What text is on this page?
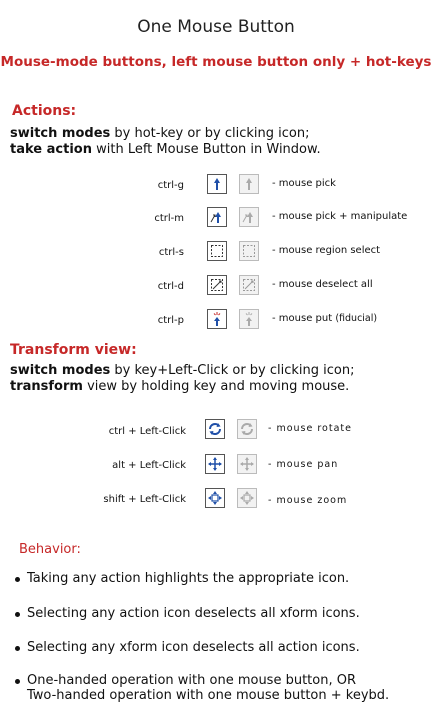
One Mouse Button
Mouse-mode buttons, left mouse button only + hot-keys
Actions:
switch modes by hot-key or by clicking icon;
take action with Left Mouse Button in Window.
ctrl-g	- mouse pick
ctrl-m	- mouse pick + manipulate
ctrl-s	- mouse region select
ctrl-d	- mouse deselect all
ctrl-p	- mouse put (fiducial)
Transform view:
switch modes by key+Left-Click or by clicking icon;
transform view by holding key and moving mouse.
ctrl + Left-Click	- mouse rotate
alt + Left-Click	- mouse pan
shift + Left-Click	- mouse zoom
Behavior:
Taking any action highlights the appropriate icon.
Selecting any action icon deselects all xform icons.
Selecting any xform icon deselects all action icons.
One-handed operation with one mouse button, OR
Two-handed operation with one mouse button + keybd.
